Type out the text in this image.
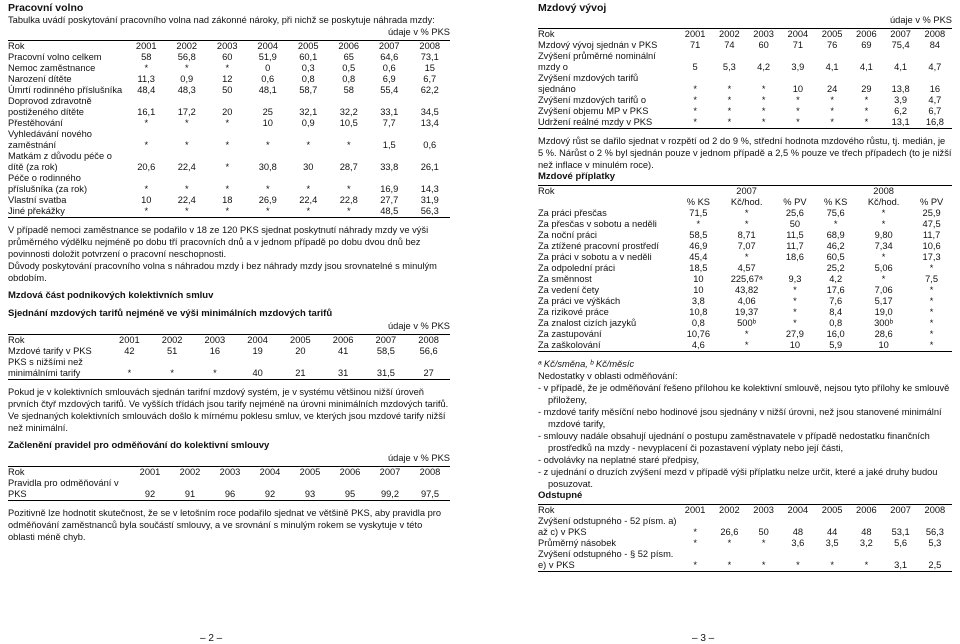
Pracovní volno

Tabulka uvádí poskytování pracovního volna nad zákonné nároky, při nichž se poskytuje náhrada mzdy:

údaje v % PKS
Rok	2001	2002	2003	2004	2005	2006	2007	2008
Pracovní volno celkem	58	56,8	60	51,9	60,1	65	64,6	73,1
Nemoc zaměstnance	*	*	*	0	0,3	0,5	0,6	15
Narození dítěte	11,3	0,9	12	0,6	0,8	0,8	6,9	6,7
Úmrtí rodinného příslušníka	48,4	48,3	50	48,1	58,7	58	55,4	62,2
Doprovod zdravotně postiženého dítěte	16,1	17,2	20	25	32,1	32,2	33,1	34,5
Přestěhování	*	*	*	10	0,9	10,5	7,7	13,4
Vyhledávání nového zaměstnání	*	*	*	*	*	*	1,5	0,6
Matkám z důvodu péče o dítě (za rok)	20,6	22,4	*	30,8	30	28,7	33,8	26,1
Péče o rodinného příslušníka (za rok)	*	*	*	*	*	*	16,9	14,3
Vlastní svatba	10	22,4	18	26,9	22,4	22,8	27,7	31,9
Jiné překážky	*	*	*	*	*	*	48,5	56,3

V případě nemoci zaměstnance se podařilo v 18 ze 120 PKS sjednat poskytnutí náhrady mzdy ve výši průměrného výdělku nejméně po dobu tří pracovních dnů a v jednom případě po dobu dvou dnů bez povinnosti doložit potvrzení o pracovní neschopnosti.

Důvody poskytování pracovního volna s náhradou mzdy i bez náhrady mzdy jsou srovnatelné s minulým obdobím.

Mzdová část podnikových kolektivních smluv
Sjednání mzdových tarifů nejméně ve výši minimálních mzdových tarifů
údaje v % PKS
Rok	2001	2002	2003	2004	2005	2006	2007	2008
Mzdové tarify v PKS	42	51	16	19	20	41	58,5	56,6
PKS s nižšími než minimálními tarify	*	*	*	40	21	31	31,5	27

Pokud je v kolektivních smlouvách sjednán tarifní mzdový systém, je v systému většinou nižší úroveň prvních čtyř mzdových tarifů. Ve vyšších třídách jsou tarify nejméně na úrovni minimálních mzdových tarifů.

Ve sjednaných kolektivních smlouvách došlo k mírnému poklesu smluv, ve kterých jsou mzdové tarify nižší než minimální.

Začlenění pravidel pro odměňování do kolektivní smlouvy
údaje v % PKS
Rok	2001	2002	2003	2004	2005	2006	2007	2008
Pravidla pro odměňování v PKS	92	91	96	92	93	95	99,2	97,5

Pozitivně lze hodnotit skutečnost, že se v letošním roce podařilo sjednat ve většině PKS, aby pravidla pro odměňování zaměstnanců byla součástí smlouvy, a ve srovnání s minulým rokem se vyskytuje v této oblasti méně chyb.

– 2 –
Mzdový vývoj
údaje v % PKS
Rok	2001	2002	2003	2004	2005	2006	2007	2008
Mzdový vývoj sjednán v PKS	71	74	60	71	76	69	75,4	84
Zvýšení průměrné nominální mzdy o	5	5,3	4,2	3,9	4,1	4,1	4,1	4,7
Zvýšení mzdových tarifů sjednáno	*	*	*	10	24	29	13,8	16
Zvýšení mzdových tarifů o	*	*	*	*	*	*	3,9	4,7
Zvýšení objemu MP v PKS	*	*	*	*	*	*	6,2	6,7
Udržení reálné mzdy v PKS	*	*	*	*	*	*	13,1	16,8

Mzdový růst se dařilo sjednat v rozpětí od 2 do 9 %, střední hodnota mzdového růstu, tj. medián, je 5 %. Nárůst o 2 % byl sjednán pouze v jednom případě a 2,5 % pouze ve třech případech (to je nižší než inflace v minulém roce).

Mzdové příplatky
Rok	2007			2008		
	% KS	Kč/hod.	% PV	% KS	Kč/hod.	% PV
Za práci přesčas	71,5	*	25,6	75,6	*	25,9
Za přesčas v sobotu a neděli	*	*	50	*	*	47,5
Za noční práci	58,5	8,71	11,5	68,9	9,80	11,7
Za ztížené pracovní prostředí	46,9	7,07	11,7	46,2	7,34	10,6
Za práci v sobotu a v neděli	45,4	*	18,6	60,5	*	17,3
Za odpolední práci	18,5	4,57		25,2	5,06	*
Za směnnost	10	225,67ᵃ	9,3	4,2	*	7,5
Za vedení čety	10	43,82	*	17,6	7,06	*
Za práci ve výškách	3,8	4,06	*	7,6	5,17	*
Za rizikové práce	10,8	19,37	*	8,4	19,0	*
Za znalost cizích jazyků	0,8	500ᵇ	*	0,8	300ᵇ	*
Za zastupování	10,76	*	27,9	16,0	28,6	*
Za zaškolování	4,6	*	10	5,9	10	*

ᵃ Kč/směna, ᵇ Kč/měsíc

Nedostatky v oblasti odměňování:

- v případě, že je odměňování řešeno přílohou ke kolektivní smlouvě, nejsou tyto přílohy ke smlouvě přiloženy,

- mzdové tarify měsíční nebo hodinové jsou sjednány v nižší úrovni, než jsou stanovené minimální mzdové tarify,

- smlouvy nadále obsahují ujednání o postupu zaměstnavatele v případě nedostatku finančních prostředků na mzdy - nevyplacení či pozastavení výplaty nebo její části,

- odvolávky na neplatné staré předpisy,

- z ujednání o druzích zvýšení mezd v případě výši příplatku nelze určit, které a jaké druhy budou posuzovat.

Odstupné
Rok	2001	2002	2003	2004	2005	2006	2007	2008
Zvýšení odstupného - 52 písm. a) až c) v PKS	*	26,6	50	48	44	48	53,1	56,3
Průměrný násobek	*	*	*	3,6	3,5	3,2	5,6	5,3
Zvýšení odstupného - § 52 písm. e) v PKS	*	*	*	*	*	*	3,1	2,5
– 3 –
